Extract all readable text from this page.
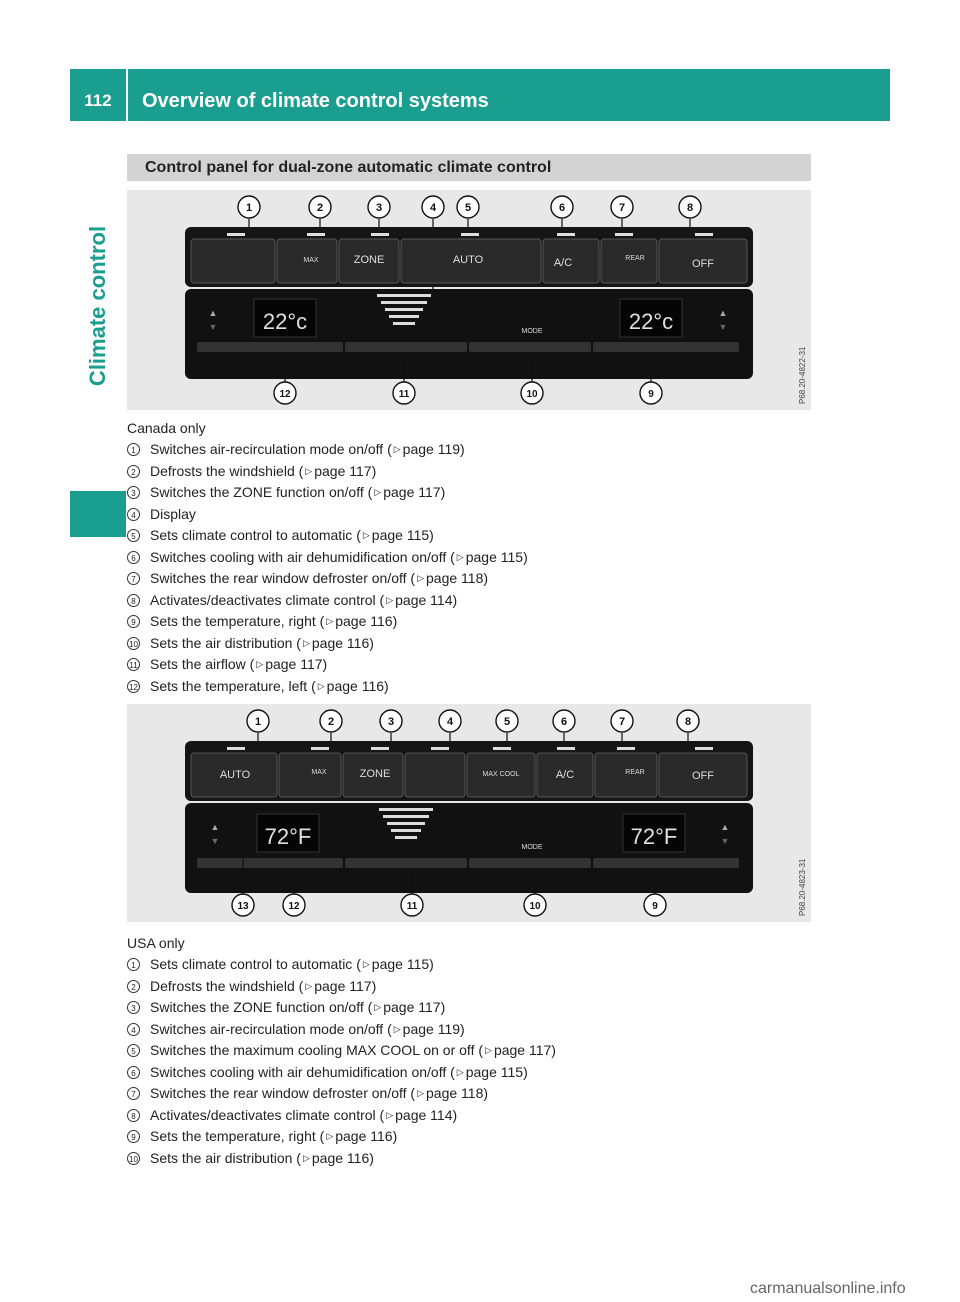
112	Overview of climate control systems
Climate control
Control panel for dual-zone automatic climate control
MAX	ZONE	AUTO	A/C	REAR	OFF
22°c	22°c
MODE
▲
▼
▲
▼
1	2	3	4	5	6	7	8
12	11	10	9	P68.20-4822-31
Canada only
1	Switches air-recirculation mode on/off ( ▷ page 119)
2	Defrosts the windshield ( ▷ page 117)
3	Switches the ZONE function on/off ( ▷ page 117)
4	Display
5	Sets climate control to automatic ( ▷ page 115)
6	Switches cooling with air dehumidification on/off ( ▷ page 115)
7	Switches the rear window defroster on/off ( ▷ page 118)
8	Activates/deactivates climate control ( ▷ page 114)
9	Sets the temperature, right ( ▷ page 116)
10 Sets the air distribution ( ▷ page 116)
11 Sets the airflow ( ▷ page 117)
12 Sets the temperature, left ( ▷ page 116)
AUTO	MAX	ZONE	MAX COOL	A/C	REAR	OFF
72°F	72°F
MODE
▲
▼
▲
▼
1	2	3	4	5	6	7	8
13	12	11	10	9	P68.20-4823-31
USA only
1	Sets climate control to automatic ( ▷ page 115)
2	Defrosts the windshield ( ▷ page 117)
3	Switches the ZONE function on/off ( ▷ page 117)
4	Switches air-recirculation mode on/off ( ▷ page 119)
5	Switches the maximum cooling MAX COOL on or off ( ▷ page 117)
6	Switches cooling with air dehumidification on/off ( ▷ page 115)
7	Switches the rear window defroster on/off ( ▷ page 118)
8	Activates/deactivates climate control ( ▷ page 114)
9	Sets the temperature, right ( ▷ page 116)
10 Sets the air distribution ( ▷ page 116)
carmanualsonline.info
